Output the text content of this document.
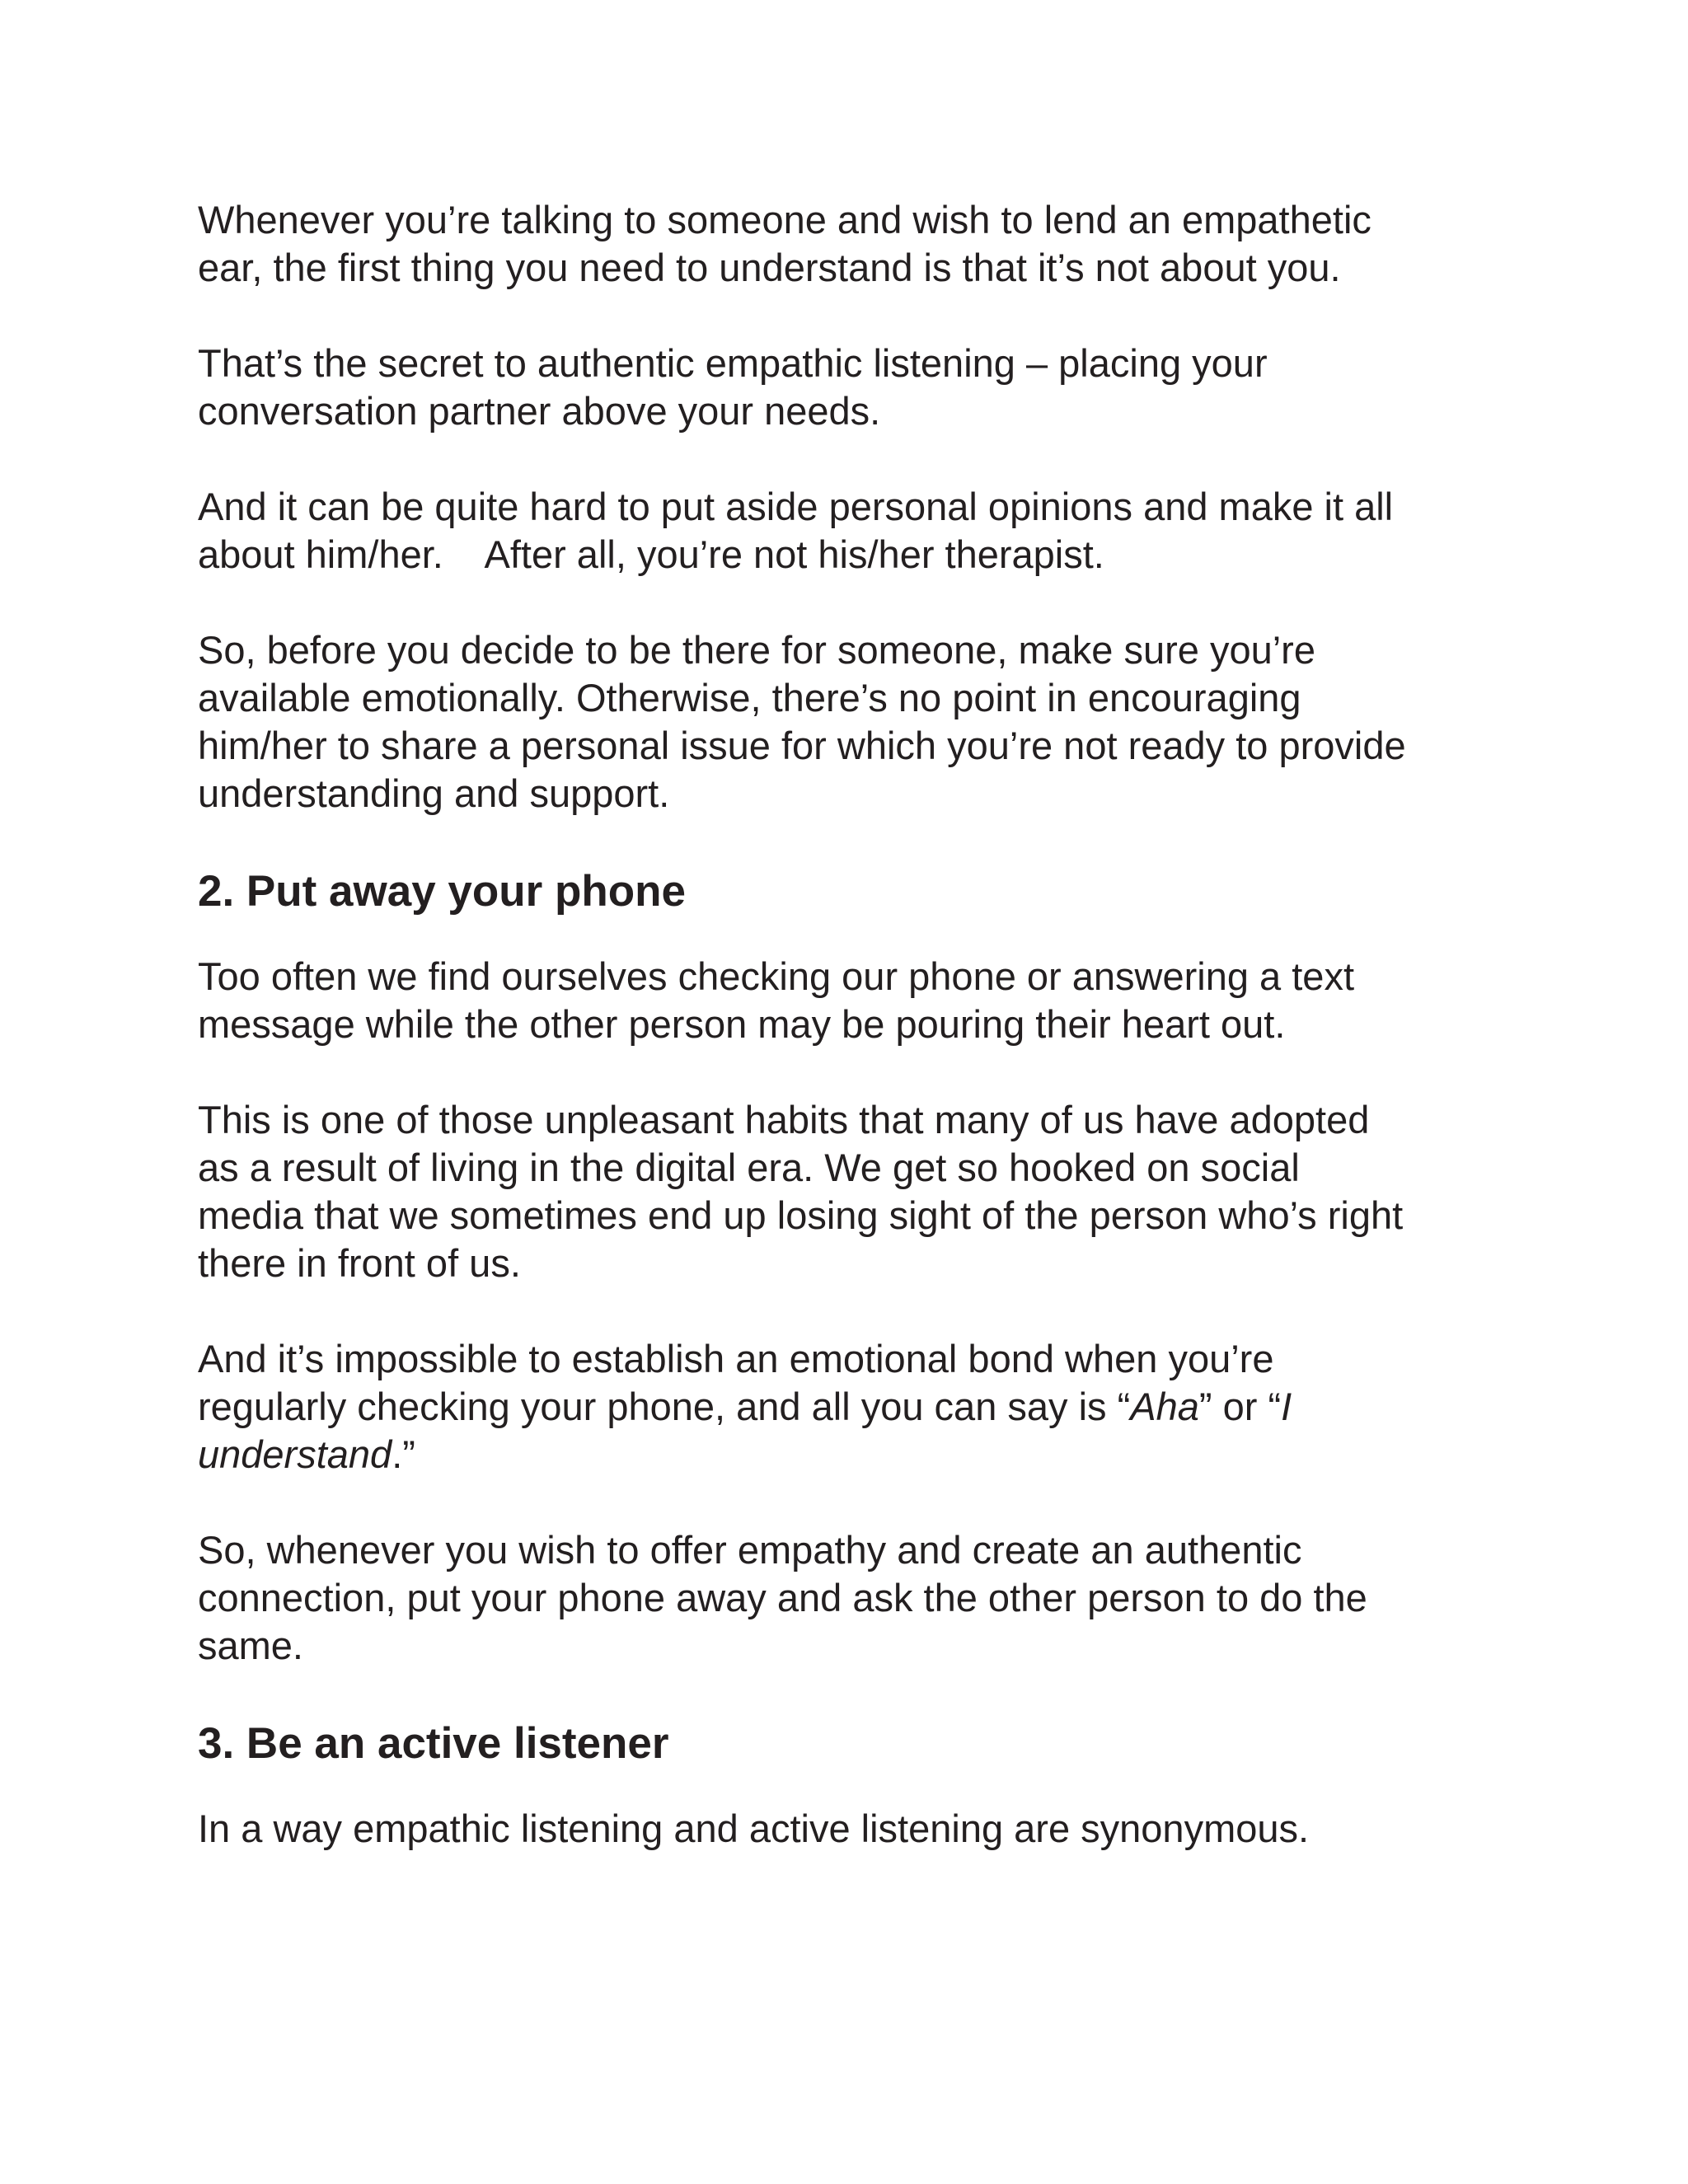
Whenever you’re talking to someone and wish to lend an empathetic
ear, the first thing you need to understand is that it’s not about you.

That’s the secret to authentic empathic listening – placing your
conversation partner above your needs.

And it can be quite hard to put aside personal opinions and make it all
about him/her.    After all, you’re not his/her therapist.

So, before you decide to be there for someone, make sure you’re
available emotionally. Otherwise, there’s no point in encouraging
him/her to share a personal issue for which you’re not ready to provide
understanding and support.

2. Put away your phone

Too often we find ourselves checking our phone or answering a text
message while the other person may be pouring their heart out.

This is one of those unpleasant habits that many of us have adopted
as a result of living in the digital era. We get so hooked on social
media that we sometimes end up losing sight of the person who’s right
there in front of us.

And it’s impossible to establish an emotional bond when you’re
regularly checking your phone, and all you can say is “Aha” or “I
understand.”

So, whenever you wish to offer empathy and create an authentic
connection, put your phone away and ask the other person to do the
same.

3. Be an active listener

In a way empathic listening and active listening are synonymous.
